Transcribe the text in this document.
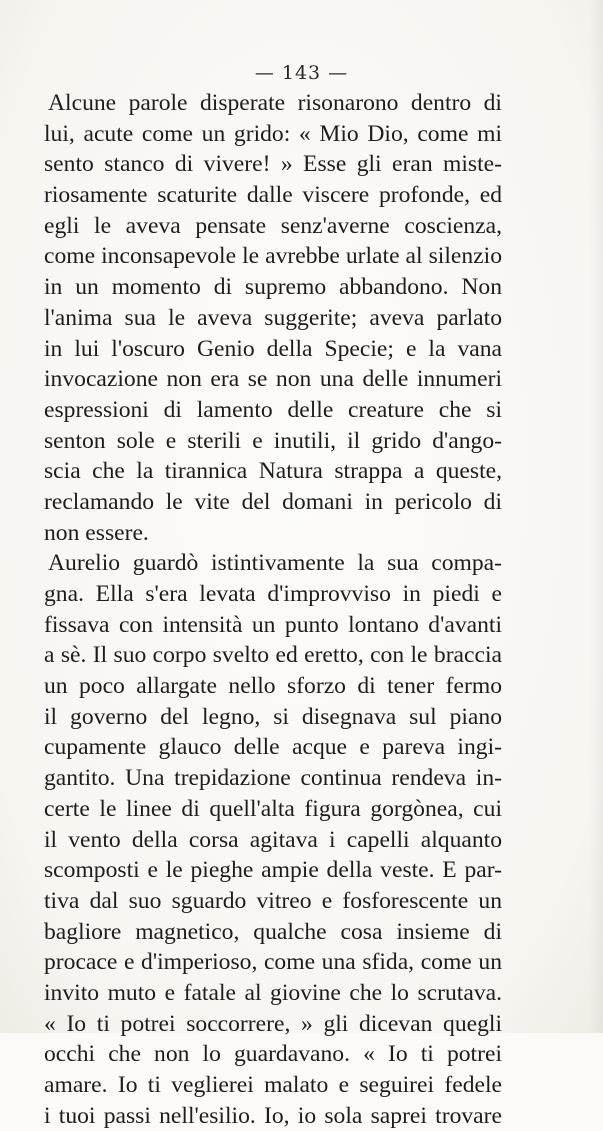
— 143 —
Alcune parole disperate risonarono dentro di
lui, acute come un grido: « Mio Dio, come mi
sento stanco di vivere! » Esse gli eran miste-
riosamente scaturite dalle viscere profonde, ed
egli le aveva pensate senz'averne coscienza,
come inconsapevole le avrebbe urlate al silenzio
in un momento di supremo abbandono. Non
l'anima sua le aveva suggerite; aveva parlato
in lui l'oscuro Genio della Specie; e la vana
invocazione non era se non una delle innumeri
espressioni di lamento delle creature che si
senton sole e sterili e inutili, il grido d'ango-
scia che la tirannica Natura strappa a queste,
reclamando le vite del domani in pericolo di
non essere.
Aurelio guardò istintivamente la sua compa-
gna. Ella s'era levata d'improvviso in piedi e
fissava con intensità un punto lontano d'avanti
a sè. Il suo corpo svelto ed eretto, con le braccia
un poco allargate nello sforzo di tener fermo
il governo del legno, si disegnava sul piano
cupamente glauco delle acque e pareva ingi-
gantito. Una trepidazione continua rendeva in-
certe le linee di quell'alta figura gorgònea, cui
il vento della corsa agitava i capelli alquanto
scomposti e le pieghe ampie della veste. E par-
tiva dal suo sguardo vitreo e fosforescente un
bagliore magnetico, qualche cosa insieme di
procace e d'imperioso, come una sfida, come un
invito muto e fatale al giovine che lo scrutava.
« Io ti potrei soccorrere, » gli dicevan quegli
occhi che non lo guardavano. « Io ti potrei
amare. Io ti veglierei malato e seguirei fedele
i tuoi passi nell'esilio. Io, io sola saprei trovare
